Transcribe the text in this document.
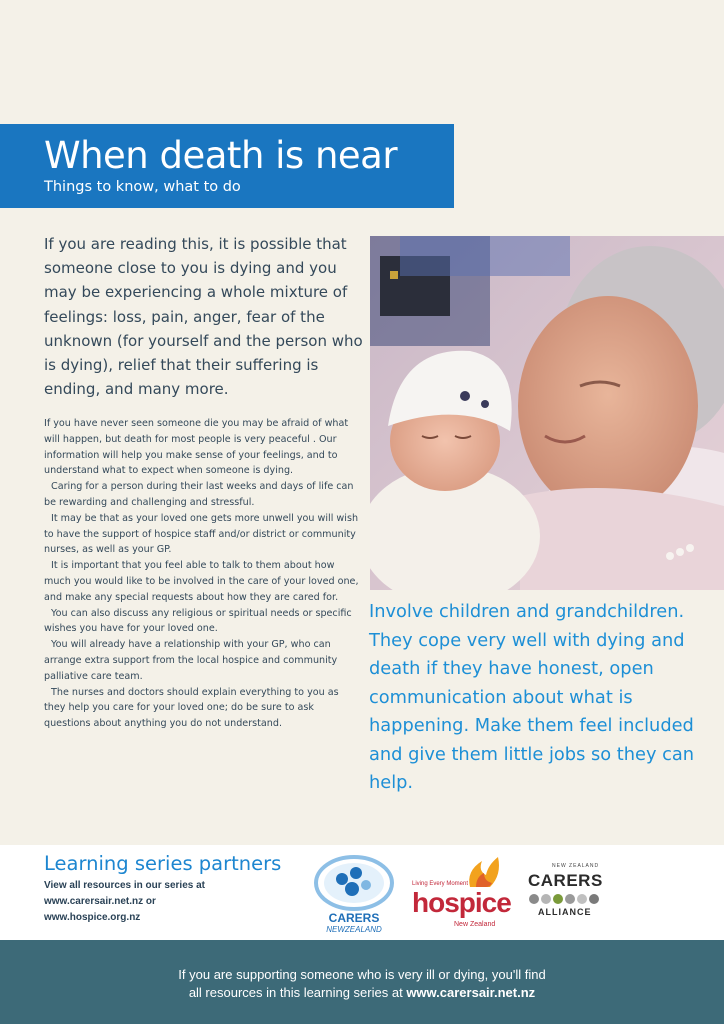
When death is near
Things to know, what to do

If you are reading this, it is possible that someone close to you is dying and you may be experiencing a whole mixture of feelings: loss, pain, anger, fear of the unknown (for yourself and the person who is dying), relief that their suffering is ending, and many more.

If you have never seen someone die you may be afraid of what will happen, but death for most people is very peaceful . Our information will help you make sense of your feelings, and to understand what to expect when someone is dying.

Caring for a person during their last weeks and days of life can be rewarding and challenging and stressful.

It may be that as your loved one gets more unwell you will wish to have the support of hospice staff and/or district or community nurses, as well as your GP.

It is important that you feel able to talk to them about how much you would like to be involved in the care of your loved one, and make any special requests about how they are cared for.

You can also discuss any religious or spiritual needs or specific wishes you have for your loved one.

You will already have a relationship with your GP, who can arrange extra support from the local hospice and community palliative care team.

The nurses and doctors should explain everything to you as they help you care for your loved one; do be sure to ask questions about anything you do not understand.

Involve children and grandchildren. They cope very well with dying and death if they have honest, open communication about what is happening. Make them feel included and give them little jobs so they can help.

Learning series partners
View all resources in our series at
www.carersair.net.nz or
www.hospice.org.nz	CARERS
NEWZEALAND
Living Every Moment
hospice
New Zealand
NEW ZEALAND
CARERS
ALLIANCE
If you are supporting someone who is very ill or dying, you'll find
all resources in this learning series at www.carersair.net.nz
